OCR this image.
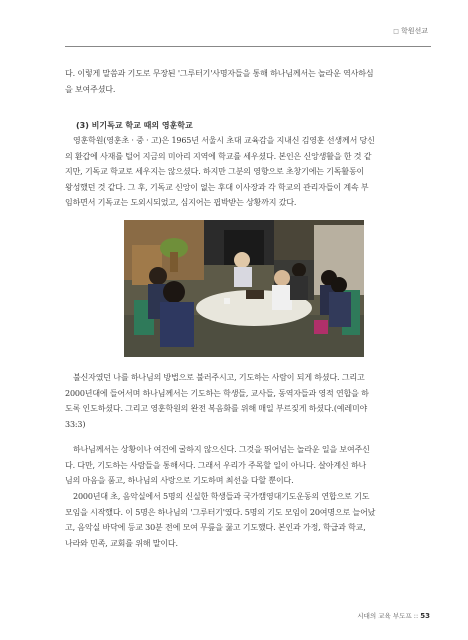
□ 학원선교
다. 이렇게 말씀과 기도로 무장된 '그루터기'사명자들을 통해 하나님께서는 놀라운 역사하심
을 보여주셨다.
(3) 비기독교 학교 때의 영훈학교
영훈학원(영훈초 · 중 · 고)은 1965년 서울시 초대 교육감을 지내신 김영훈 선생께서 당신
의 환갑에 사재를 털어 지금의 미아리 지역에 학교를 세우셨다. 본인은 신앙생활을 한 것 같
지만, 기독교 학교로 세우지는 않으셨다. 하지만 그분의 영향으로 초창기에는 기독활동이
왕성했던 것 같다. 그 후, 기독교 신앙이 없는 후대 이사장과 각 학교의 관리자들이 계속 부
임하면서 기독교는 도외시되었고, 심지어는 핍박받는 상황까지 갔다.
불신자였던 나를 하나님의 방법으로 불러주시고, 기도하는 사람이 되게 하셨다. 그리고
2000년대에 들어서며 하나님께서는 기도하는 학생들, 교사들, 동역자들과 영적 연합을 하
도록 인도하셨다. 그리고 영훈학원의 완전 복음화를 위해 매일 부르짖게 하셨다.(예레미야
33:3)
하나님께서는 상황이나 여건에 굴하지 않으신다. 그것을 뛰어넘는 놀라운 일을 보여주신
다. 다만, 기도하는 사람들을 통해서다. 그래서 우리가 주목할 일이 아니다. 살아계신 하나
님의 마음을 품고, 하나님의 사랑으로 기도하며 최선을 다할 뿐이다.
2000년대 초, 음악실에서 5명의 신실한 학생들과 국가캠영대기도운동의 연합으로 기도
모임을 시작했다. 이 5명은 하나님의 '그루터기'였다. 5명의 기도 모임이 20여명으로 늘어났
고, 음악실 바닥에 등교 30분 전에 모여 무릎을 꿇고 기도했다. 본인과 가정, 학급과 학교,
나라와 민족, 교회를 위해 말이다.
시대의 교육 부도프 :: 53
